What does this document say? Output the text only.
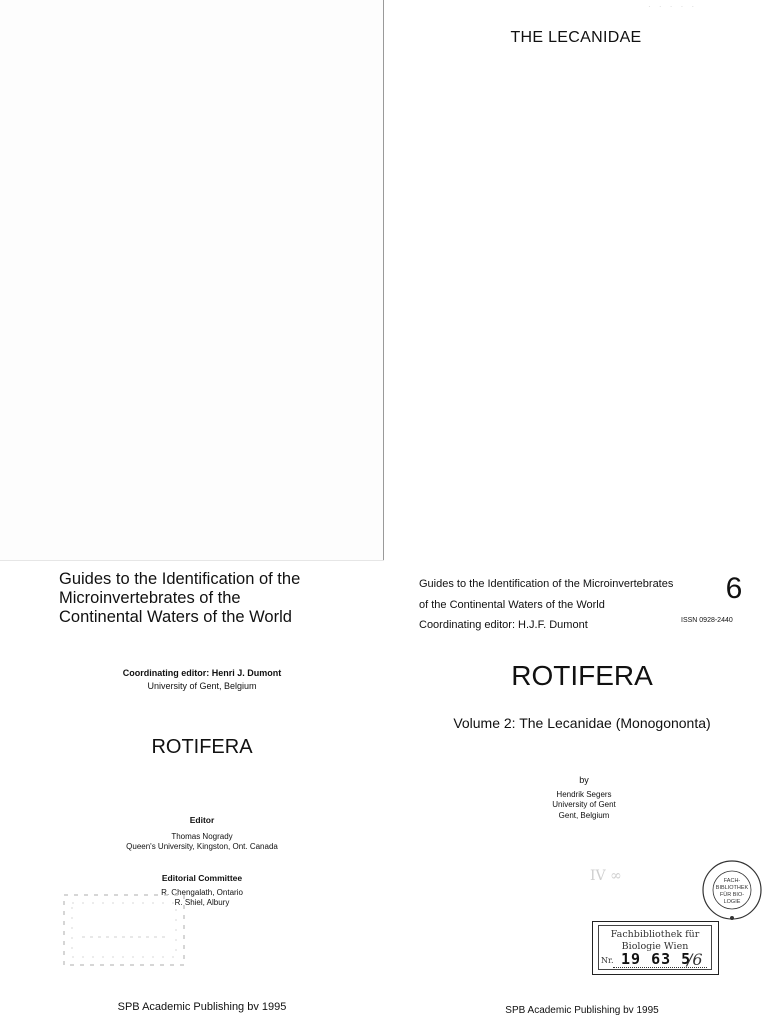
· · · · ·
THE LECANIDAE
Guides to the Identification of the
Microinvertebrates of the
Continental Waters of the World
Coordinating editor: Henri J. Dumont
University of Gent, Belgium
ROTIFERA
Editor
Thomas Nogrady
Queen's University, Kingston, Ont. Canada
Editorial Committee
R. Chengalath, Ontario
R. Shiel, Albury
SPB Academic Publishing bv 1995
Guides to the Identification of the Microinvertebrates
of the Continental Waters of the World
Coordinating editor: H.J.F. Dumont
6
ISSN 0928-2440
ROTIFERA
Volume 2: The Lecanidae (Monogononta)
by
Hendrik Segers
University of Gent
Gent, Belgium
IV ∞	FACH-
BIBLIOTHEK
FÜR BIO-
LOGIE
Fachbibliothek für
Biologie Wien
Nr. 19 63 5
/6
SPB Academic Publishing bv 1995
